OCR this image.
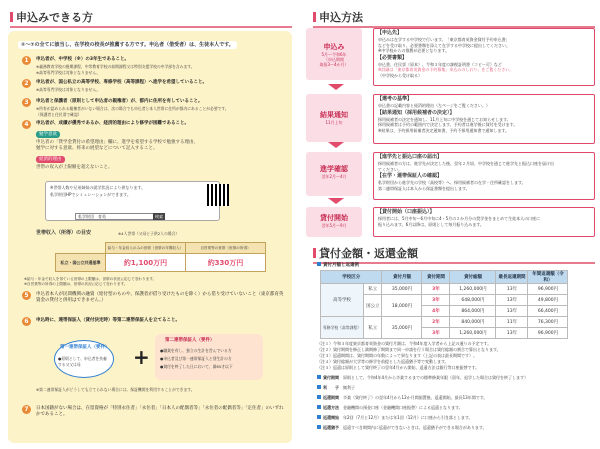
申込みできる方
①〜⑦の全てに該当し、在学校の校長が推薦する方です。申込者（借受者）は、生徒本人です。
1	申込者が、中学校（※）の3年生であること。
※義務教育学校の後期課程、中等教育学校の前期課程又は特別支援学校の中学部を含みます。
※高等専門学校は対象となりません。
2	申込者が、国公私立の高等学校、専修学校（高等課程）へ進学を希望していること。
※高等専門学校は対象となりません。
3	申込者と保護者（原則として申込者の親権者）が、都内に住所を有していること。
※所有が認められる親権者がいない場合は、次の場合でも申込者と本人世帯に住所が都内にあることが必要です。
（保護者と住民票で確認）
4	申込者が、成績が優秀であるか、経済的理由により修学が困難であること。
勉学意欲
申込者の「貸学金貸付の希望理由」欄に、進学を希望する学校で勉強する理由、
勉学に対する意欲、将来の展望などについて記入すること。
経済的理由
世帯の収入が上限額を超えないこと。
※世帯人数や兄弟姉妹の就学状況により異なります。
私学財団HPでシミュレーションができます。
私学財団　育英	検索
世帯収入（所得）の目安	※4人世帯（父母と子供2人の場合）
	給与・年金収入のみの世帯（世帯の年間収入）	自営業等の世帯（世帯の所得）
私立・国公立共通基準	約1,100万円	約330万円
※給与・年金で収入を得ている世帯の上限額は、世帯の状況に応じて変わります。
※自営業等の所得の上限額は、世帯の状況に応じて変わります。
5	申込者本人が民間機関の融資（給付型のものや、保護者が借り受けたものを除く）から借り受けていないこと（東京都育英資金の貸付と併用はできません。）
6	申込時に、連帯保証人（貸付決定時）等第二連帯保証人を立てること。
第一連帯保証人（要件）
●原則として、申込者を扶養する父又は母	+
第二連帯保証人（要件）
●職業を有し、独立の生計を営んでいる方
●申込者及び第一連帯保証人と別生計の方
●貸付を終了した日において、満65才以下
※第二連帯保証人がどうしても立てられない場合には、保証機関を利用することができます。
7	日本国籍がない場合は、在留資格が「特別永住者」「永住者」「日本人の配偶者等」「永住者の配偶者等」「定住者」のいずれかであること。
申込方法
申込み
5月〜令和6年
（申込期間
取扱3〜4か月）
【申込先】
申込みは在学する中学校で行います。「東京都育英資金貸付予約申込書」
などを受け取り、必要書類を添えて在学する中学校に提出してください。
※中学校からの推薦が必要となります。
【必要書類】
申込書、住民票（原本）、令和３年度の課税証明書（コピー可）など
※詳細は「東京都育英資金の予約募集」申込みのしおり」をご覧ください。
（中学校から受け取る）
結果通知
11月上旬
【選考の基準】
申込書の記載内容と経済的理由（左ページをご覧ください。）
【結果通知（採用候補者の決定）】
採用候補者の決定を通知し、11月上旬に中学校を通じてお知らせします。
採用候補者は予約の範囲内で決定します。予約者は進学後に貸付を受けます。
※結果は、予約採用候補者決定通知書、予約不採用通知書で通知します。
進学確認
翌年2月〜4月
【進学先と振込口座の届出】
採用候補者の方は、進学先が決定した後、翌年２月頃、中学校を通じて進学先と振込口座を届け出
てください。
【在学・連帯保証人の確認】
私学財団から進学先の学校（高校等）へ、採用候補者の在学・住所確認をします。
第二連帯保証人は本人から保証書類を提出します。
貸付開始
翌年5月〜9月
【貸付開始（口座振込）】
採用者には、5月中旬〜6月中旬に4・5月の２か月分の奨学金をまとめて生徒本人の口座に
振り込みます。6月以降は、原則として毎月振り込みます。
貸付金額・返還金額
貸付月額と返還例
学校区分		貸付月額	貸付期間	貸付総額	最長返還期間	年間返還額（令和）
高等学校	私立	35,000円	3年	1,260,000円	13年	96,900円
	国公立	18,000円	3年	648,000円	13年	49,800円
			4年	864,000円	13年	66,400円
専修学校（高等課程）	私立	35,000円	2年	840,000円	11年	76,300円
			3年	1,260,000円	13年	96,900円
（注１）令和３年度東京都育英資金の貸付月額は、令和4年度入学者から上記の通りの予定です。
（注２）貸付期間を修正し満期修了期間まで同一申請を行う場合は貸付総額の割合で算出となります。
（注３）返還期間は、貸付期間の年数によって異なります（上記の表は最長期間です）。
（注４）貸付総額が大学等の修学を前提とした返還猶予等で変動します。
（注５）返還は原則として貸付終了の翌年4月から開始、返還方法は銀行等口座振替です。
貸付期間　 原則として、令和4年4月から卒業するまでの標準修業年限（留年、退学した場合は貸付を終了します）
利　　子　 無利子
返還期間　 卒業（貸付終了）の翌年4月から12か月間据置後、返還開始。最長13年間です。
返還方法　 金融機関の預金口座（金融機関口座振替）による返還となります。
返還開始　 年2回（7月と12月）または年1回（12月）に口座から引き落とします。
返還猶予　 返還すべき期間内に返還ができないときは、返還猶予ができる場合があります。
